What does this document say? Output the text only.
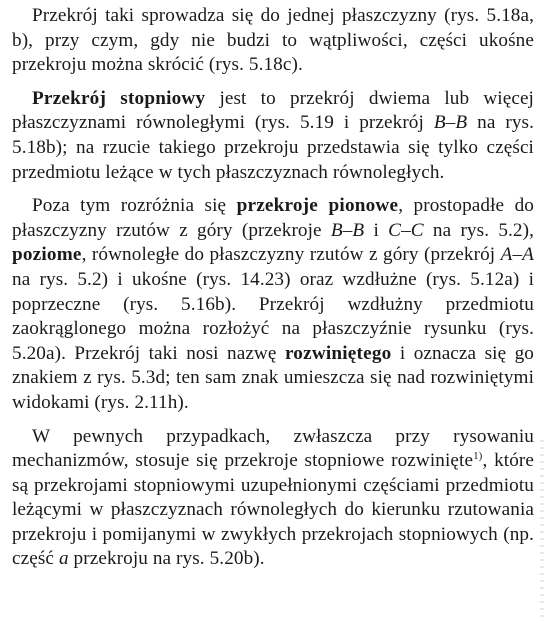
Przekrój taki sprowadza się do jednej płaszczyzny (rys. 5.18a, b), przy czym, gdy nie budzi to wątpliwości, części ukośne przekroju można skrócić (rys. 5.18c).

Przekrój stopniowy jest to przekrój dwiema lub więcej płaszczyznami równoległymi (rys. 5.19 i przekrój B–B na rys. 5.18b); na rzucie takiego przekroju przedstawia się tylko części przedmiotu leżące w tych płaszczyznach równoległych.

Poza tym rozróżnia się przekroje pionowe, prostopadłe do płaszczyzny rzutów z góry (przekroje B–B i C–C na rys. 5.2), poziome, równoległe do płaszczyzny rzutów z góry (przekrój A–A na rys. 5.2) i ukośne (rys. 14.23) oraz wzdłużne (rys. 5.12a) i poprzeczne (rys. 5.16b). Przekrój wzdłużny przedmiotu zaokrąglonego można rozłożyć na płaszczyźnie rysunku (rys. 5.20a). Przekrój taki nosi nazwę rozwiniętego i oznacza się go znakiem z rys. 5.3d; ten sam znak umieszcza się nad rozwiniętymi widokami (rys. 2.11h).

W pewnych przypadkach, zwłaszcza przy rysowaniu mechanizmów, stosuje się przekroje stopniowe rozwinięte$^{1)}$, które są przekrojami stopniowymi uzupełnionymi częściami przedmiotu leżącymi w płaszczyznach równoległych do kierunku rzutowania przekroju i pomijanymi w zwykłych przekrojach stopniowych (np. część a przekroju na rys. 5.20b).
